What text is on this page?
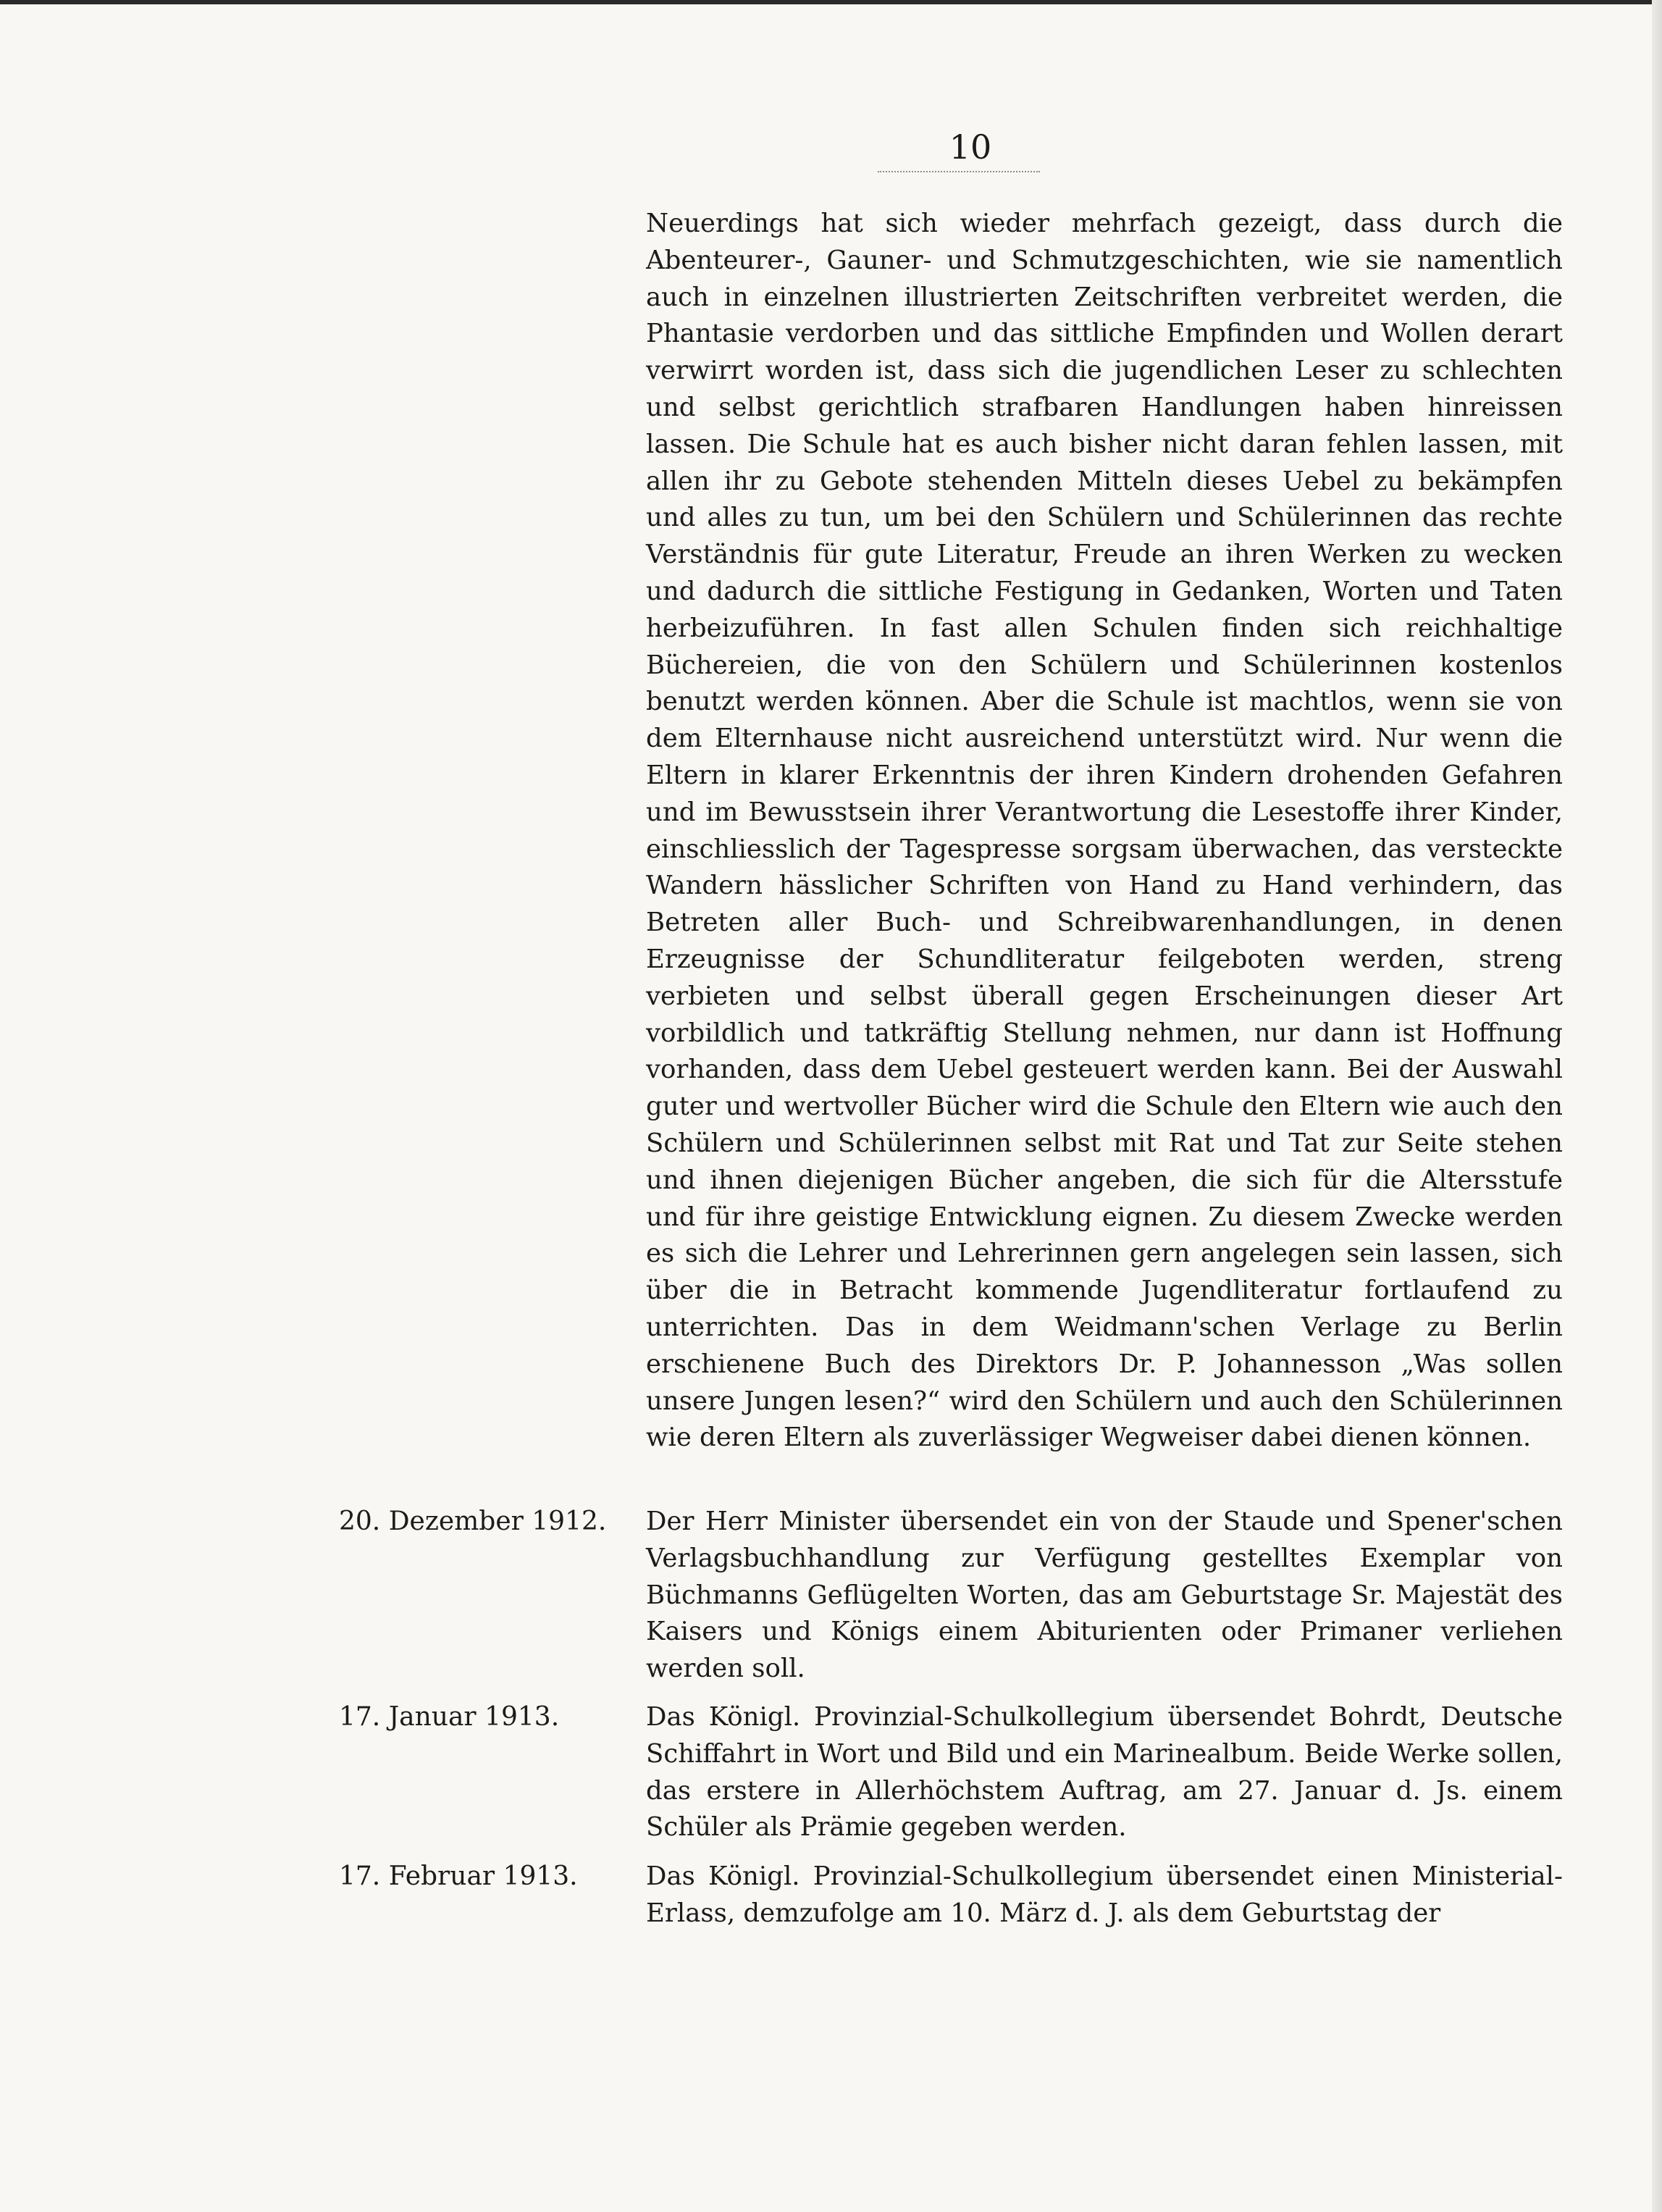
10

Neuerdings hat sich wieder mehrfach gezeigt, dass durch die Abenteurer-, Gauner- und Schmutzgeschichten, wie sie namentlich auch in einzelnen illustrierten Zeitschriften verbreitet werden, die Phantasie verdorben und das sittliche Empfinden und Wollen derart verwirrt worden ist, dass sich die jugendlichen Leser zu schlechten und selbst gerichtlich strafbaren Handlungen haben hinreissen lassen. Die Schule hat es auch bisher nicht daran fehlen lassen, mit allen ihr zu Gebote stehenden Mitteln dieses Uebel zu bekämpfen und alles zu tun, um bei den Schülern und Schülerinnen das rechte Verständnis für gute Literatur, Freude an ihren Werken zu wecken und dadurch die sittliche Festigung in Gedanken, Worten und Taten herbeizuführen. In fast allen Schulen finden sich reichhaltige Büchereien, die von den Schülern und Schülerinnen kostenlos benutzt werden können. Aber die Schule ist machtlos, wenn sie von dem Elternhause nicht ausreichend unterstützt wird. Nur wenn die Eltern in klarer Erkenntnis der ihren Kindern drohenden Gefahren und im Bewusstsein ihrer Verantwortung die Lesestoffe ihrer Kinder, einschliesslich der Tagespresse sorgsam überwachen, das versteckte Wandern hässlicher Schriften von Hand zu Hand verhindern, das Betreten aller Buch- und Schreibwarenhandlungen, in denen Erzeugnisse der Schundliteratur feilgeboten werden, streng verbieten und selbst überall gegen Erscheinungen dieser Art vorbildlich und tatkräftig Stellung nehmen, nur dann ist Hoffnung vorhanden, dass dem Uebel gesteuert werden kann. Bei der Auswahl guter und wertvoller Bücher wird die Schule den Eltern wie auch den Schülern und Schülerinnen selbst mit Rat und Tat zur Seite stehen und ihnen diejenigen Bücher angeben, die sich für die Altersstufe und für ihre geistige Entwicklung eignen. Zu diesem Zwecke werden es sich die Lehrer und Lehrerinnen gern angelegen sein lassen, sich über die in Betracht kommende Jugendliteratur fortlaufend zu unterrichten. Das in dem Weidmann'schen Verlage zu Berlin erschienene Buch des Direktors Dr. P. Johannesson „Was sollen unsere Jungen lesen?“ wird den Schülern und auch den Schülerinnen wie deren Eltern als zuverlässiger Wegweiser dabei dienen können.

20. Dezember 1912.	Der Herr Minister übersendet ein von der Staude und Spener'schen Verlagsbuchhandlung zur Verfügung gestelltes Exemplar von Büchmanns Geflügelten Worten, das am Geburtstage Sr. Majestät des Kaisers und Königs einem Abiturienten oder Primaner verliehen werden soll.
17. Januar 1913.	Das Königl. Provinzial-Schulkollegium übersendet Bohrdt, Deutsche Schiffahrt in Wort und Bild und ein Marinealbum. Beide Werke sollen, das erstere in Allerhöchstem Auftrag, am 27. Januar d. Js. einem Schüler als Prämie gegeben werden.
17. Februar 1913.	Das Königl. Provinzial-Schulkollegium übersendet einen Ministerial-Erlass, demzufolge am 10. März d. J. als dem Geburtstag der
